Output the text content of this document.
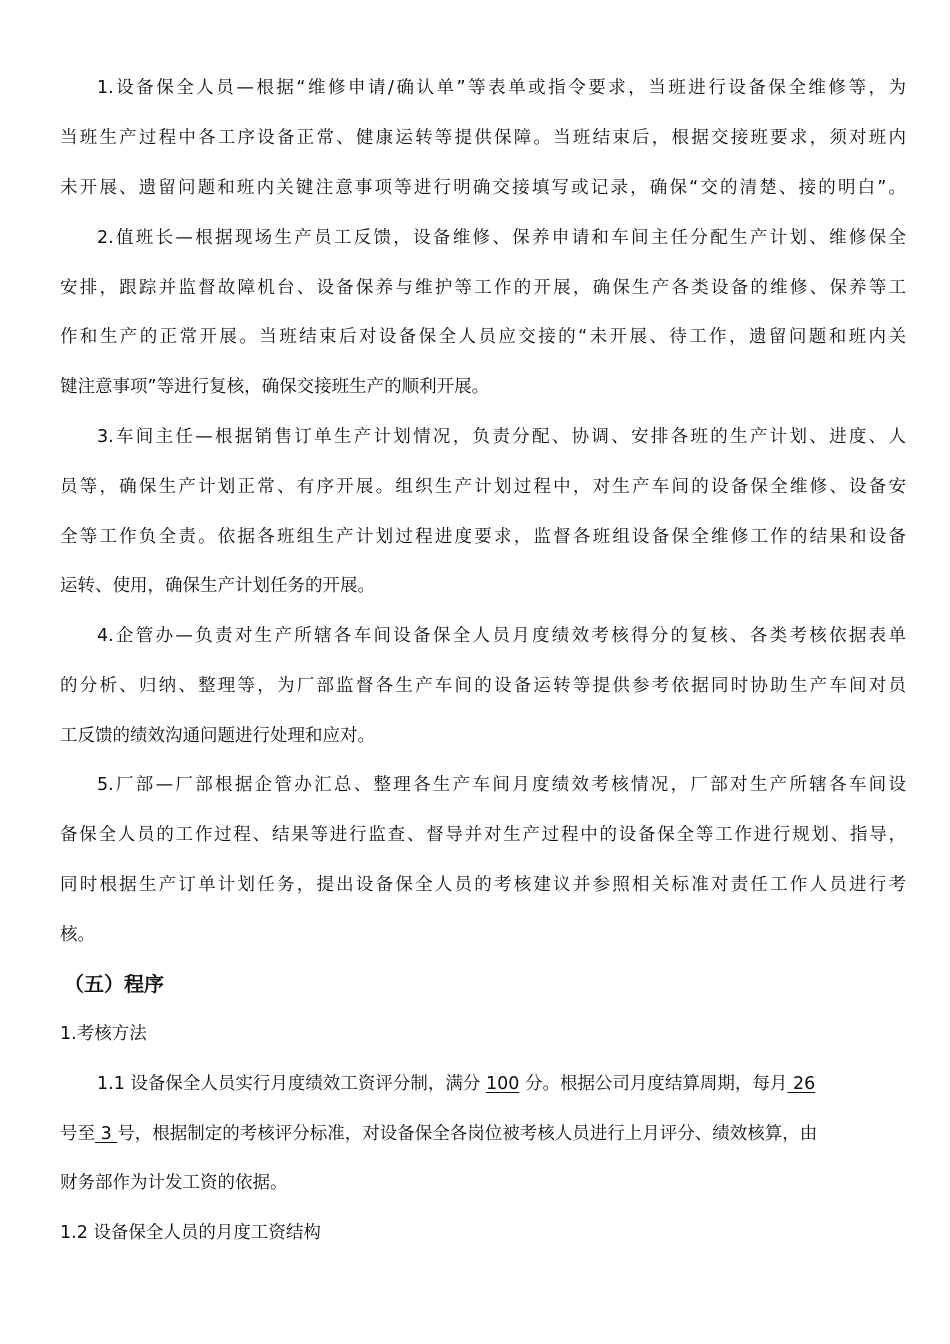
1.设备保全人员—根据“维修申请/确认单”等表单或指令要求，当班进行设备保全维修等，为
当班生产过程中各工序设备正常、健康运转等提供保障。当班结束后，根据交接班要求，须对班内
未开展、遗留问题和班内关键注意事项等进行明确交接填写或记录，确保“交的清楚、接的明白”。
2.值班长—根据现场生产员工反馈，设备维修、保养申请和车间主任分配生产计划、维修保全
安排，跟踪并监督故障机台、设备保养与维护等工作的开展，确保生产各类设备的维修、保养等工
作和生产的正常开展。当班结束后对设备保全人员应交接的“未开展、待工作，遗留问题和班内关
键注意事项”等进行复核，确保交接班生产的顺利开展。
3.车间主任—根据销售订单生产计划情况，负责分配、协调、安排各班的生产计划、进度、人
员等，确保生产计划正常、有序开展。组织生产计划过程中，对生产车间的设备保全维修、设备安
全等工作负全责。依据各班组生产计划过程进度要求，监督各班组设备保全维修工作的结果和设备
运转、使用，确保生产计划任务的开展。
4.企管办—负责对生产所辖各车间设备保全人员月度绩效考核得分的复核、各类考核依据表单
的分析、归纳、整理等，为厂部监督各生产车间的设备运转等提供参考依据同时协助生产车间对员
工反馈的绩效沟通问题进行处理和应对。
5.厂部—厂部根据企管办汇总、整理各生产车间月度绩效考核情况，厂部对生产所辖各车间设
备保全人员的工作过程、结果等进行监查、督导并对生产过程中的设备保全等工作进行规划、指导，
同时根据生产订单计划任务，提出设备保全人员的考核建议并参照相关标准对责任工作人员进行考
核。
（五）程序
1.考核方法
1.1 设备保全人员实行月度绩效工资评分制，满分 100 分。根据公司月度结算周期，每月 26
号至 3 号，根据制定的考核评分标准，对设备保全各岗位被考核人员进行上月评分、绩效核算，由
财务部作为计发工资的依据。
1.2 设备保全人员的月度工资结构
